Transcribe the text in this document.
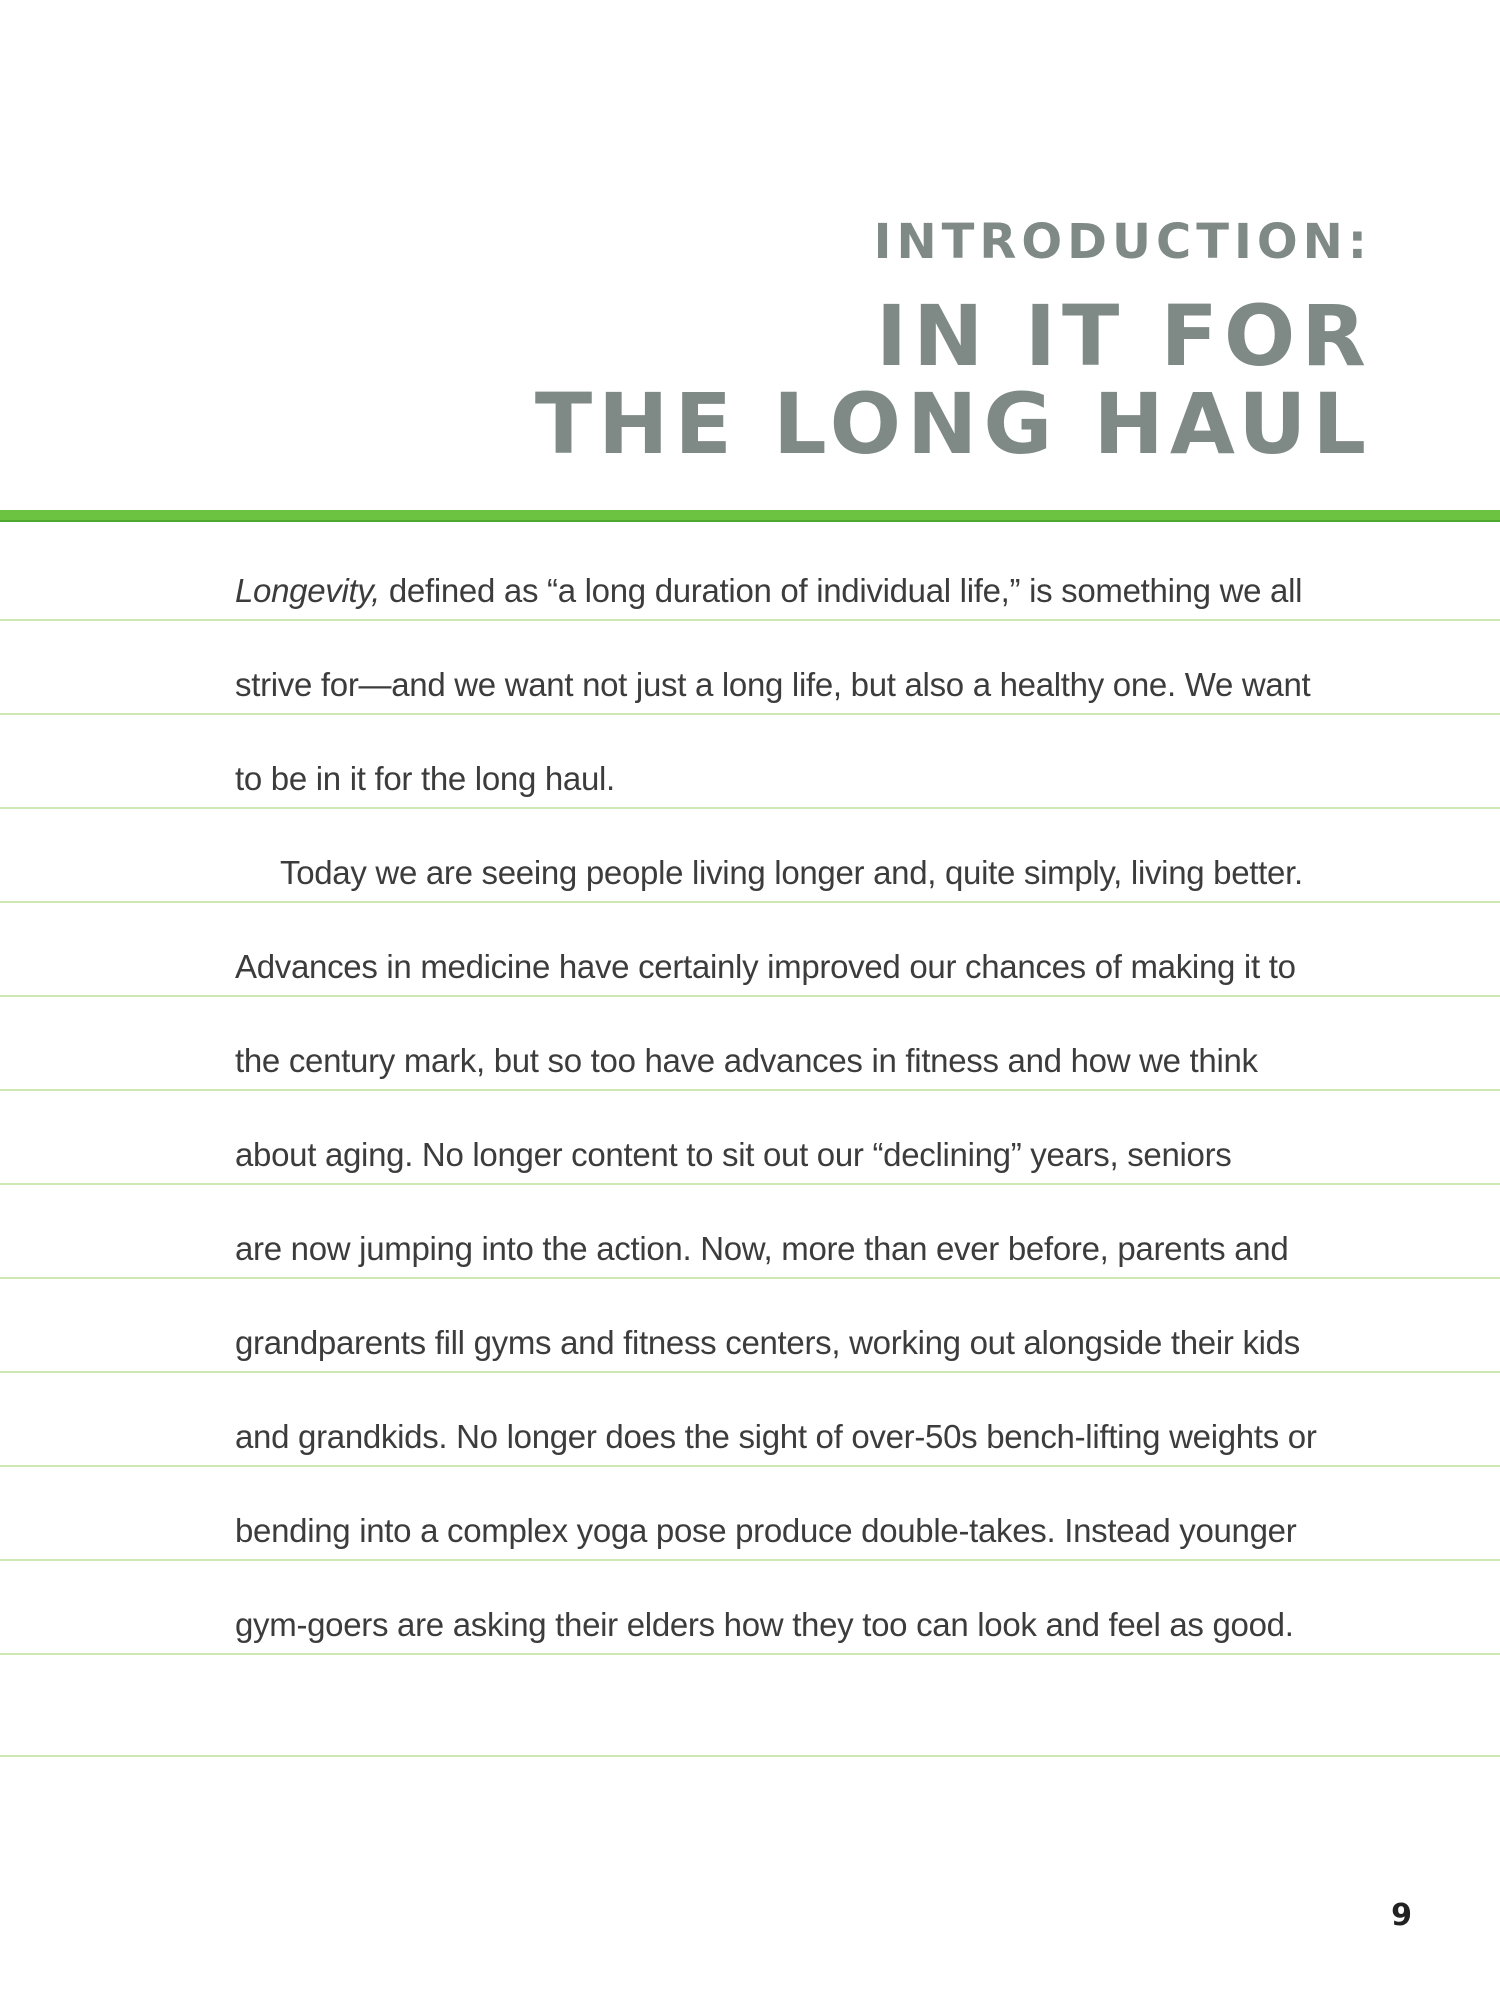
INTRODUCTION:
IN IT FOR
THE LONG HAUL
Longevity, defined as “a long duration of individual life,” is something we all
strive for—and we want not just a long life, but also a healthy one. We want
to be in it for the long haul.
Today we are seeing people living longer and, quite simply, living better.
Advances in medicine have certainly improved our chances of making it to
the century mark, but so too have advances in fitness and how we think
about aging. No longer content to sit out our “declining” years, seniors
are now jumping into the action. Now, more than ever before, parents and
grandparents fill gyms and fitness centers, working out alongside their kids
and grandkids. No longer does the sight of over-50s bench-lifting weights or
bending into a complex yoga pose produce double-takes. Instead younger
gym-goers are asking their elders how they too can look and feel as good.
9
